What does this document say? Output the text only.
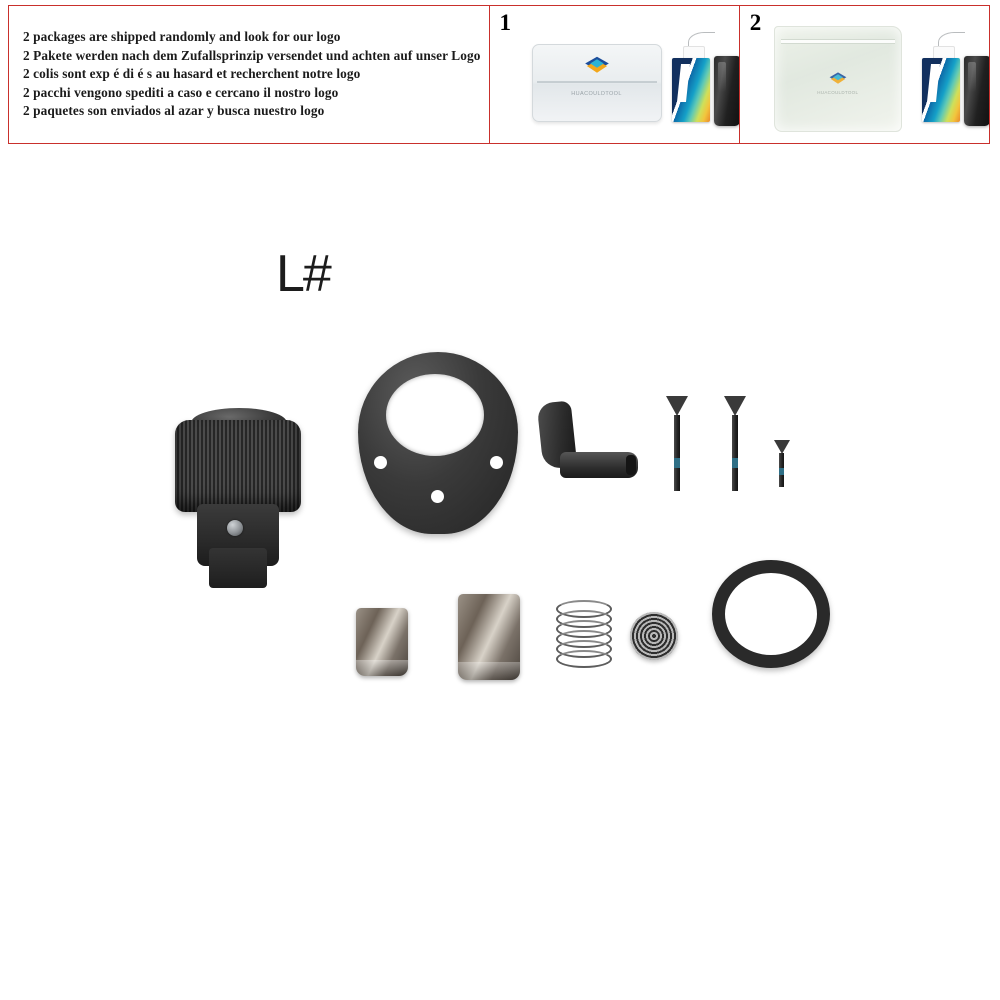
2 packages are shipped randomly and look for our logo
2 Pakete werden nach dem Zufallsprinzip versendet und achten auf unser Logo
2 colis sont exp é di é s au hasard et recherchent notre logo
2 pacchi vengono spediti a caso e cercano il nostro logo
2 paquetes son enviados al azar y busca nuestro logo
1
HUACOULDTOOL
2
HUACOULDTOOL
L#
